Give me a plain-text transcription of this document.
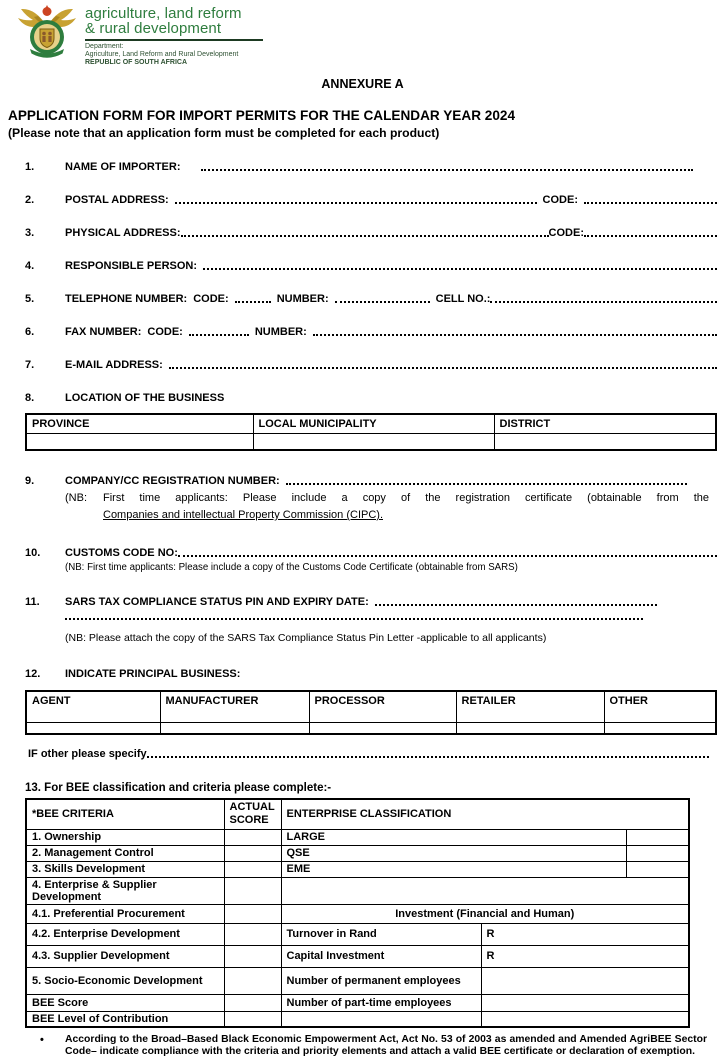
agriculture, land reform
& rural development
Department:
Agriculture, Land Reform and Rural Development
REPUBLIC OF SOUTH AFRICA
ANNEXURE A
APPLICATION FORM FOR IMPORT PERMITS FOR THE CALENDAR YEAR 2024
(Please note that an application form must be completed for each product)
1.	NAME OF IMPORTER:
2.	POSTAL ADDRESS:	CODE:
3.	PHYSICAL ADDRESS:	CODE:
4.	RESPONSIBLE PERSON:
5.	TELEPHONE NUMBER: CODE:	NUMBER:	CELL NO.:
6.	FAX NUMBER: CODE:	NUMBER:
7.	E-MAIL ADDRESS:
8.	LOCATION OF THE BUSINESS
PROVINCE	LOCAL MUNICIPALITY	DISTRICT

9.	COMPANY/CC REGISTRATION NUMBER:
(NB:	First time applicants: Please include a copy of the registration certificate (obtainable from the
Companies and intellectual Property Commission (CIPC).
10.	CUSTOMS CODE NO:
(NB: First time applicants: Please include a copy of the Customs Code Certificate (obtainable from SARS)
11.	SARS TAX COMPLIANCE STATUS PIN AND EXPIRY DATE:
(NB: Please attach the copy of the SARS Tax Compliance Status Pin Letter -applicable to all applicants)
12.	INDICATE PRINCIPAL BUSINESS:
AGENT	MANUFACTURER	PROCESSOR	RETAILER	OTHER

IF other please specify
13. For BEE classification and criteria please complete:-
*BEE CRITERIA	ACTUAL SCORE	ENTERPRISE CLASSIFICATION		
1. Ownership		LARGE		
2. Management Control		QSE		
3. Skills Development		EME		
4. Enterprise & Supplier Development				
4.1. Preferential Procurement		Investment (Financial and Human)		
4.2. Enterprise Development		Turnover in Rand	R	
4.3. Supplier Development		Capital Investment	R	
5. Socio-Economic Development		Number of permanent employees		
BEE Score		Number of part-time employees		
BEE Level of Contribution				
•	According to the Broad–Based Black Economic Empowerment Act, Act No. 53 of 2003 as amended and Amended AgriBEE Sector Code– indicate compliance with the criteria and priority elements and attach a valid BEE certificate or declaration of exemption.
